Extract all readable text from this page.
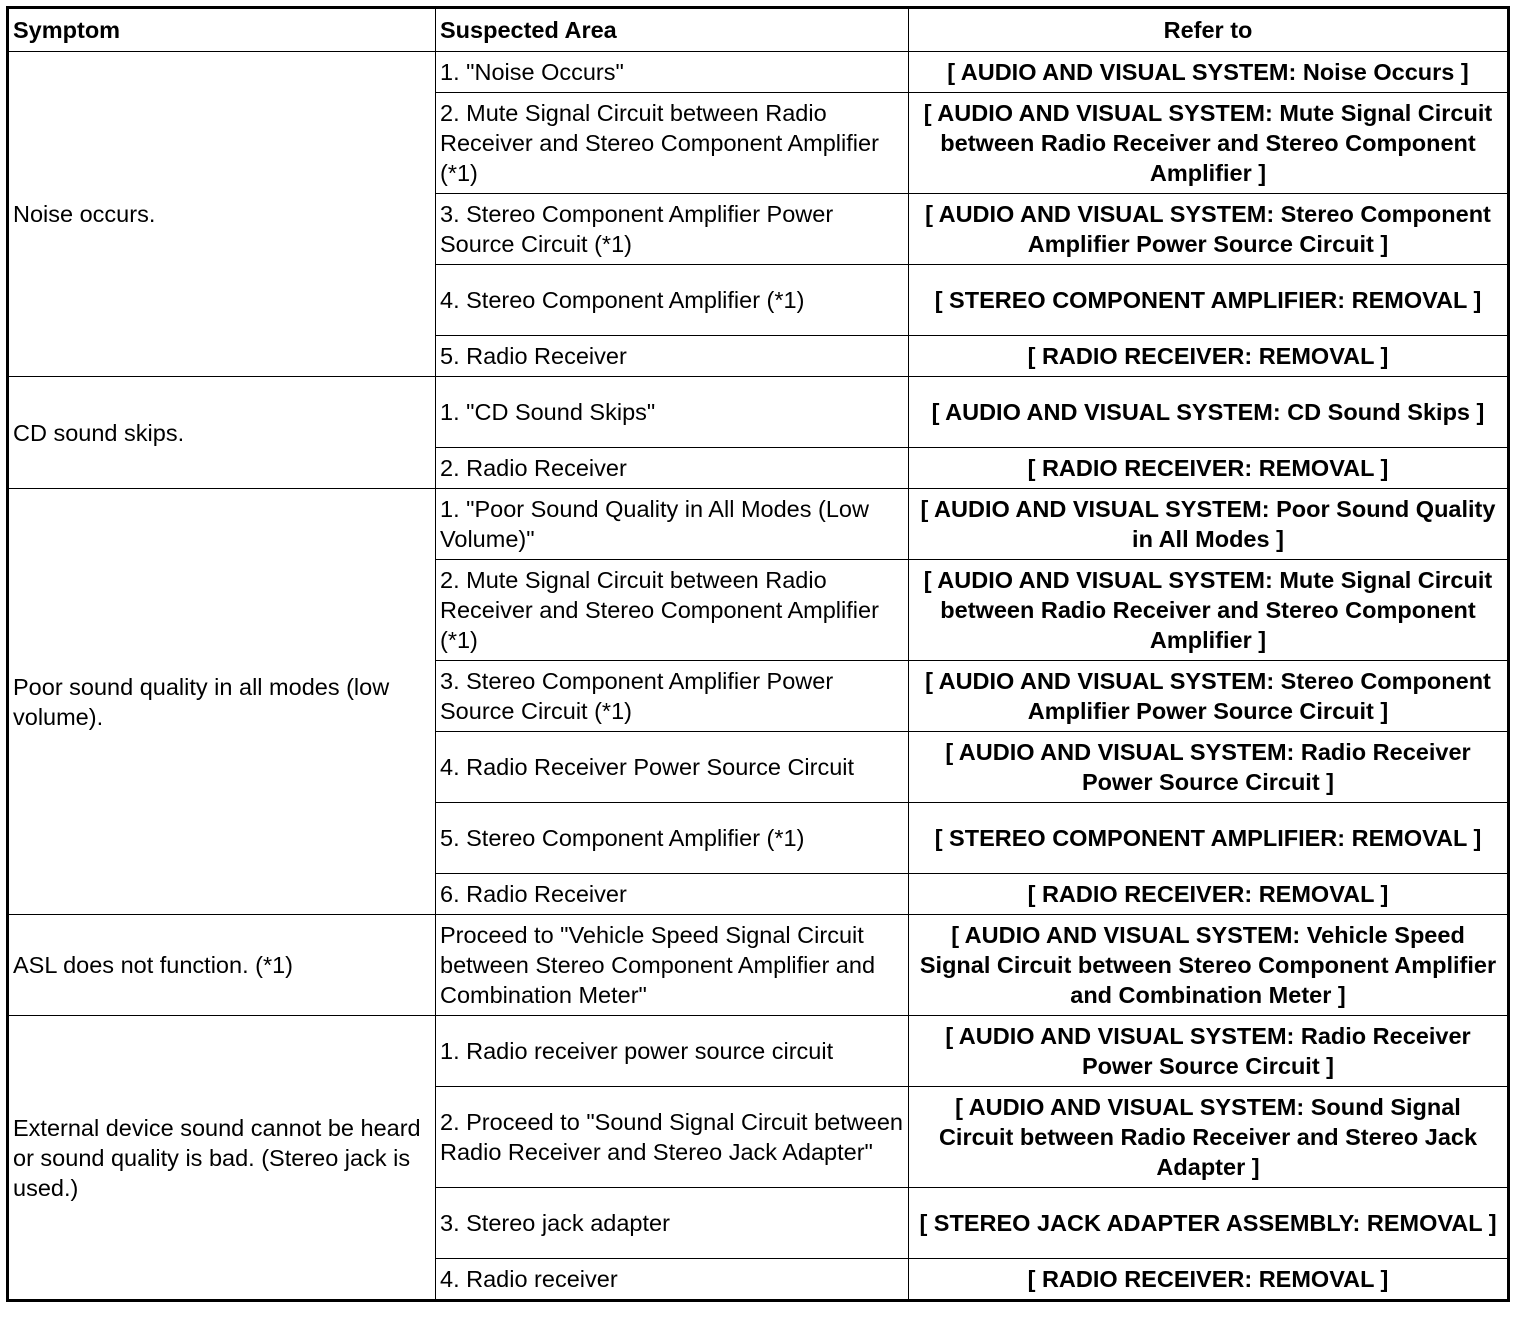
Symptom	Suspected Area	Refer to
Noise occurs.	1. "Noise Occurs"	[ AUDIO AND VISUAL SYSTEM: Noise Occurs ]
	2. Mute Signal Circuit between Radio Receiver and Stereo Component Amplifier (*1)	[ AUDIO AND VISUAL SYSTEM: Mute Signal Circuit between Radio Receiver and Stereo Component Amplifier ]
	3. Stereo Component Amplifier Power Source Circuit (*1)	[ AUDIO AND VISUAL SYSTEM: Stereo Component Amplifier Power Source Circuit ]
	4. Stereo Component Amplifier (*1)	[ STEREO COMPONENT AMPLIFIER: REMOVAL ]
	5. Radio Receiver	[ RADIO RECEIVER: REMOVAL ]
CD sound skips.	1. "CD Sound Skips"	[ AUDIO AND VISUAL SYSTEM: CD Sound Skips ]
	2. Radio Receiver	[ RADIO RECEIVER: REMOVAL ]
Poor sound quality in all modes (low volume).	1. "Poor Sound Quality in All Modes (Low Volume)"	[ AUDIO AND VISUAL SYSTEM: Poor Sound Quality in All Modes ]
	2. Mute Signal Circuit between Radio Receiver and Stereo Component Amplifier (*1)	[ AUDIO AND VISUAL SYSTEM: Mute Signal Circuit between Radio Receiver and Stereo Component Amplifier ]
	3. Stereo Component Amplifier Power Source Circuit (*1)	[ AUDIO AND VISUAL SYSTEM: Stereo Component Amplifier Power Source Circuit ]
	4. Radio Receiver Power Source Circuit	[ AUDIO AND VISUAL SYSTEM: Radio Receiver Power Source Circuit ]
	5. Stereo Component Amplifier (*1)	[ STEREO COMPONENT AMPLIFIER: REMOVAL ]
	6. Radio Receiver	[ RADIO RECEIVER: REMOVAL ]
ASL does not function. (*1)	Proceed to "Vehicle Speed Signal Circuit between Stereo Component Amplifier and Combination Meter"	[ AUDIO AND VISUAL SYSTEM: Vehicle Speed Signal Circuit between Stereo Component Amplifier and Combination Meter ]
External device sound cannot be heard or sound quality is bad. (Stereo jack is used.)	1. Radio receiver power source circuit	[ AUDIO AND VISUAL SYSTEM: Radio Receiver Power Source Circuit ]
	2. Proceed to "Sound Signal Circuit between Radio Receiver and Stereo Jack Adapter"	[ AUDIO AND VISUAL SYSTEM: Sound Signal Circuit between Radio Receiver and Stereo Jack Adapter ]
	3. Stereo jack adapter	[ STEREO JACK ADAPTER ASSEMBLY: REMOVAL ]
	4. Radio receiver	[ RADIO RECEIVER: REMOVAL ]
